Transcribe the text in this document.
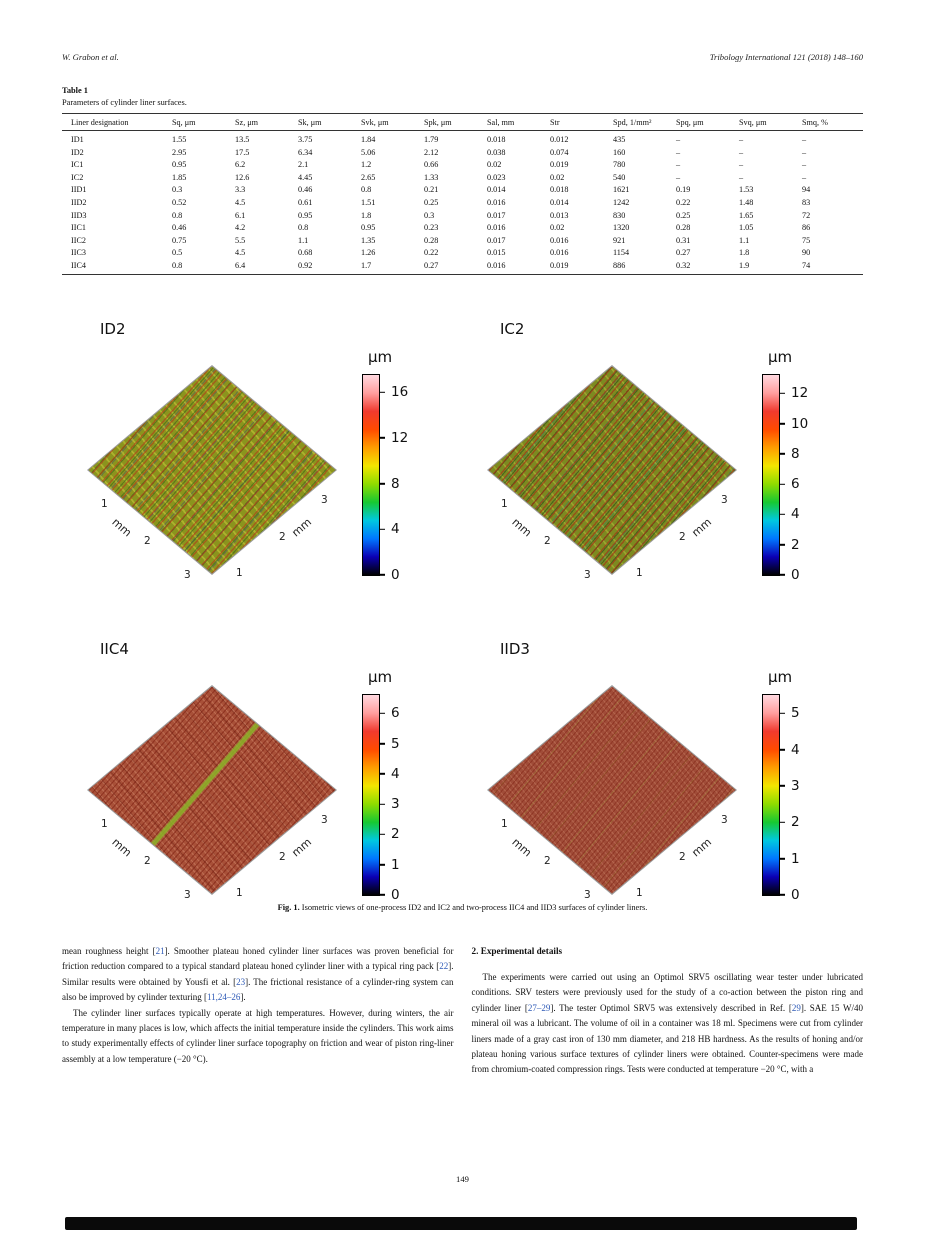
W. Grabon et al.	Tribology International 121 (2018) 148–160
Table 1
Parameters of cylinder liner surfaces.
Liner designation	Sq, μm	Sz, μm	Sk, μm	Svk, μm	Spk, μm	Sal, mm	Str	Spd, 1/mm²	Spq, μm	Svq, μm	Smq, %
ID1	1.55	13.5	3.75	1.84	1.79	0.018	0.012	435	–	–	–
ID2	2.95	17.5	6.34	5.06	2.12	0.038	0.074	160	–	–	–
IC1	0.95	6.2	2.1	1.2	0.66	0.02	0.019	780	–	–	–
IC2	1.85	12.6	4.45	2.65	1.33	0.023	0.02	540	–	–	–
IID1	0.3	3.3	0.46	0.8	0.21	0.014	0.018	1621	0.19	1.53	94
IID2	0.52	4.5	0.61	1.51	0.25	0.016	0.014	1242	0.22	1.48	83
IID3	0.8	6.1	0.95	1.8	0.3	0.017	0.013	830	0.25	1.65	72
IIC1	0.46	4.2	0.8	0.95	0.23	0.016	0.02	1320	0.28	1.05	86
IIC2	0.75	5.5	1.1	1.35	0.28	0.017	0.016	921	0.31	1.1	75
IIC3	0.5	4.5	0.68	1.26	0.22	0.015	0.016	1154	0.27	1.8	90
IIC4	0.8	6.4	0.92	1.7	0.27	0.016	0.019	886	0.32	1.9	74
ID2
1
1
2	2
3
3
mm	mm
μm
0
4
8
12
16
IC2
1
1
2	2
3
3
mm	mm
μm
0
2
4
6
8
10
12
IIC4
1
1
2	2
3
3
mm	mm
μm
0
1
2
3
4
5
6
IID3
1
1
2	2
3
3
mm	mm
μm
0
1
2
3
4
5
Fig. 1. Isometric views of one-process ID2 and IC2 and two-process IIC4 and IID3 surfaces of cylinder liners.

mean roughness height [21]. Smoother plateau honed cylinder liner surfaces was proven beneficial for friction reduction compared to a typical standard plateau honed cylinder liner with a typical ring pack [22]. Similar results were obtained by Yousfi et al. [23]. The frictional resistance of a cylinder-ring system can also be improved by cylinder texturing [11,24–26].

The cylinder liner surfaces typically operate at high temperatures. However, during winters, the air temperature in many places is low, which affects the initial temperature inside the cylinders. This work aims to study experimentally effects of cylinder liner surface topography on friction and wear of piston ring-liner assembly at a low temperature (−20 °C).

2. Experimental details

The experiments were carried out using an Optimol SRV5 oscillating wear tester under lubricated conditions. SRV testers were previously used for the study of a co-action between the piston ring and cylinder liner [27–29]. The tester Optimol SRV5 was extensively described in Ref. [29]. SAE 15 W/40 mineral oil was a lubricant. The volume of oil in a container was 18 ml. Specimens were cut from cylinder liners made of a gray cast iron of 130 mm diameter, and 218 HB hardness. As the results of honing and/or plateau honing various surface textures of cylinder liners were obtained. Counter-specimens were made from chromium-coated compression rings. Tests were conducted at temperature −20 °C, with a

149
